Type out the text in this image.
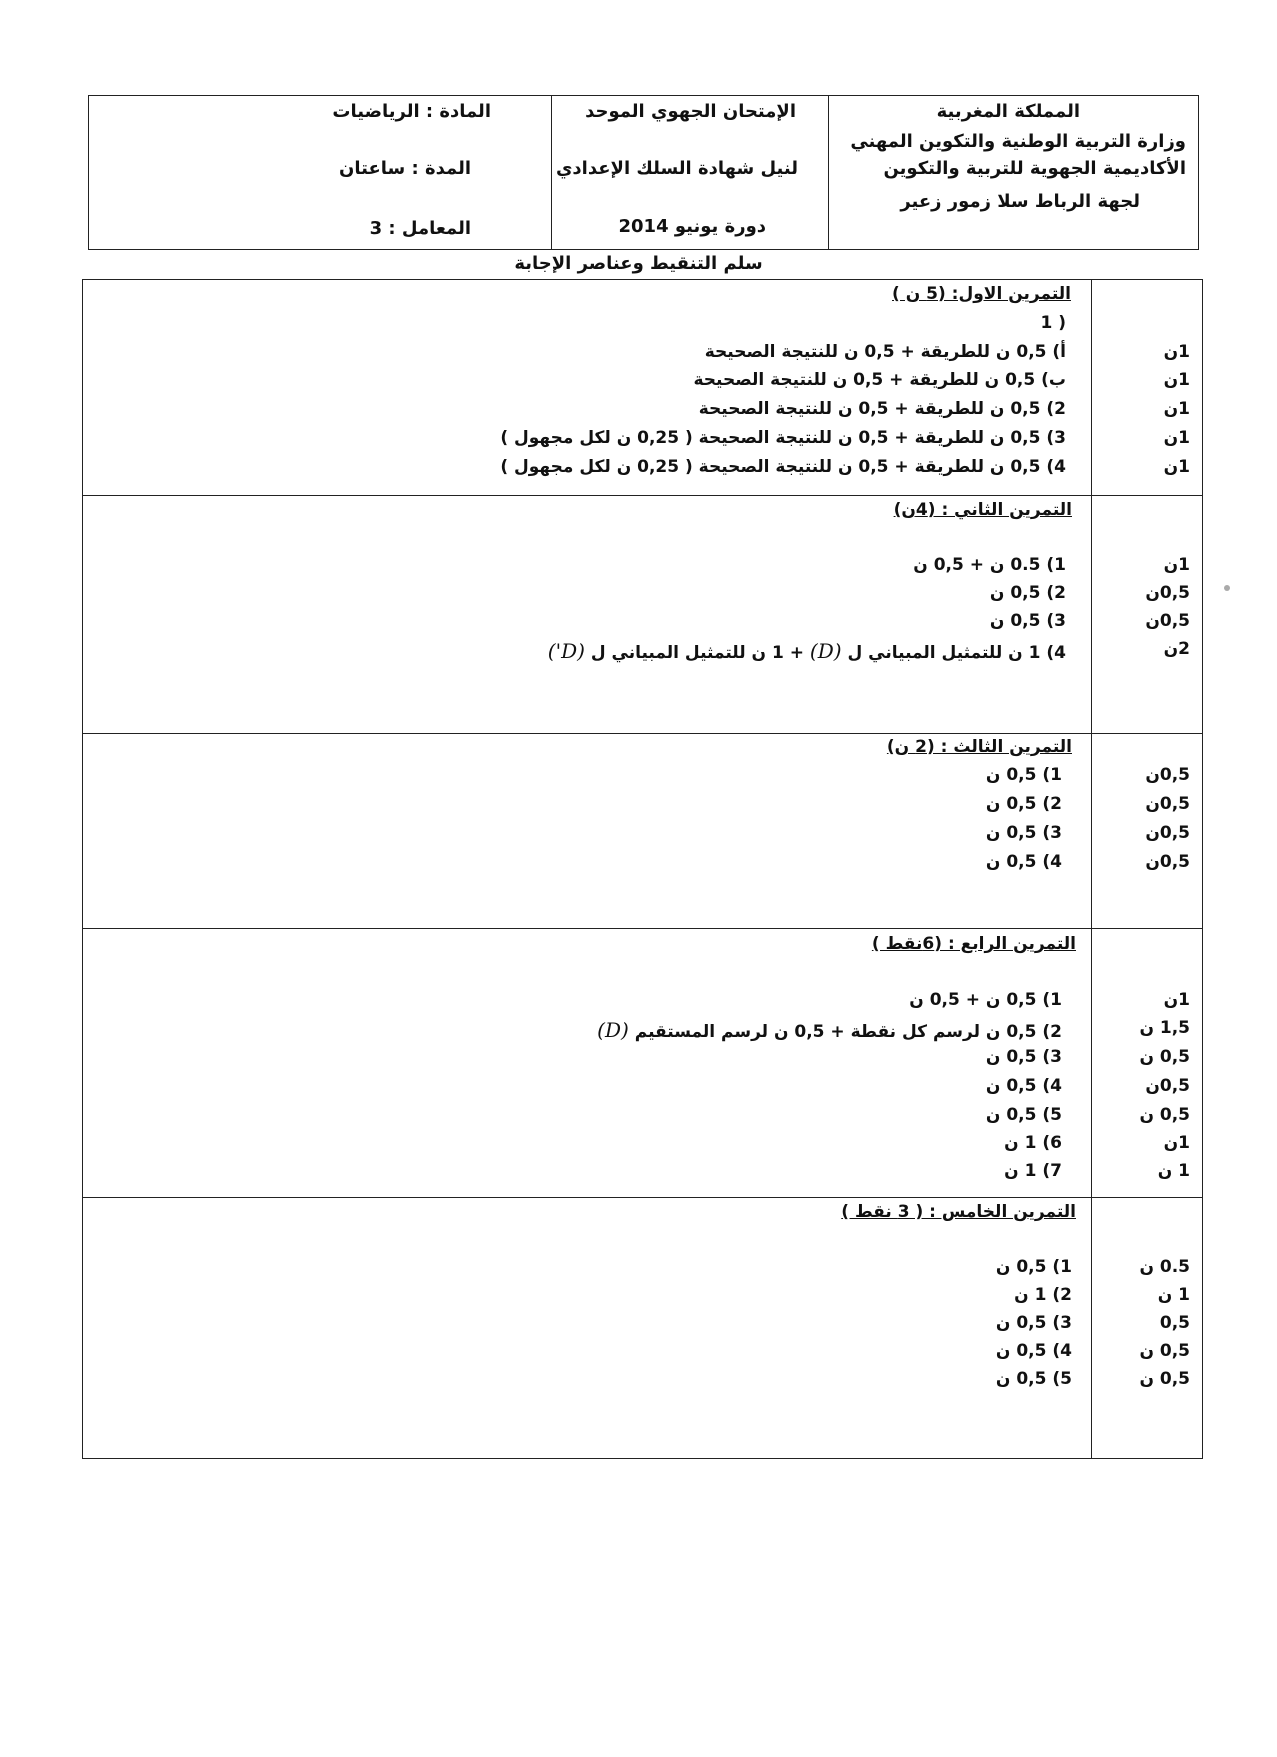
المملكة المغربية
وزارة التربية الوطنية والتكوين المهني
الأكاديمية الجهوية للتربية والتكوين
لجهة الرباط سلا زمور زعير
الإمتحان الجهوي الموحد
لنيل شهادة السلك الإعدادي
دورة يونيو 2014
المادة : الرياضيات
المدة : ساعتان
المعامل : 3
سلم التنقيط وعناصر الإجابة
التمرين الاول: (5 ن )
( 1
أ) 0,5 ن للطريقة + 0,5 ن للنتيجة الصحيحة
ب) 0,5 ن للطريقة + 0,5 ن للنتيجة الصحيحة
2) 0,5 ن للطريقة + 0,5 ن للنتيجة الصحيحة
3) 0,5 ن للطريقة + 0,5 ن للنتيجة الصحيحة ( 0,25 ن لكل مجهول )
4) 0,5 ن للطريقة + 0,5 ن للنتيجة الصحيحة ( 0,25 ن لكل مجهول )
1ن
1ن
1ن
1ن
1ن
التمرين الثاني : (4ن)
1) 0.5 ن + 0,5 ن
2) 0,5 ن
3) 0,5 ن
4) 1 ن للتمثيل المبياني ل (D) + 1 ن للتمثيل المبياني ل (D')
1ن
0,5ن
0,5ن
2ن
التمرين الثالث : (2 ن)
1) 0,5 ن
2) 0,5 ن
3) 0,5 ن
4) 0,5 ن
0,5ن
0,5ن
0,5ن
0,5ن
التمرين الرابع : (6نقط )
1) 0,5 ن + 0,5 ن
2) 0,5 ن لرسم كل نقطة + 0,5 ن لرسم المستقيم (D)
3) 0,5 ن
4) 0,5 ن
5) 0,5 ن
6) 1 ن
7) 1 ن
1ن
1,5 ن
0,5 ن
0,5ن
0,5 ن
1ن
1 ن
التمرين الخامس : ( 3 نقط )
1) 0,5 ن
2) 1 ن
3) 0,5 ن
4) 0,5 ن
5) 0,5 ن
0.5 ن
1 ن
0,5
0,5 ن
0,5 ن
